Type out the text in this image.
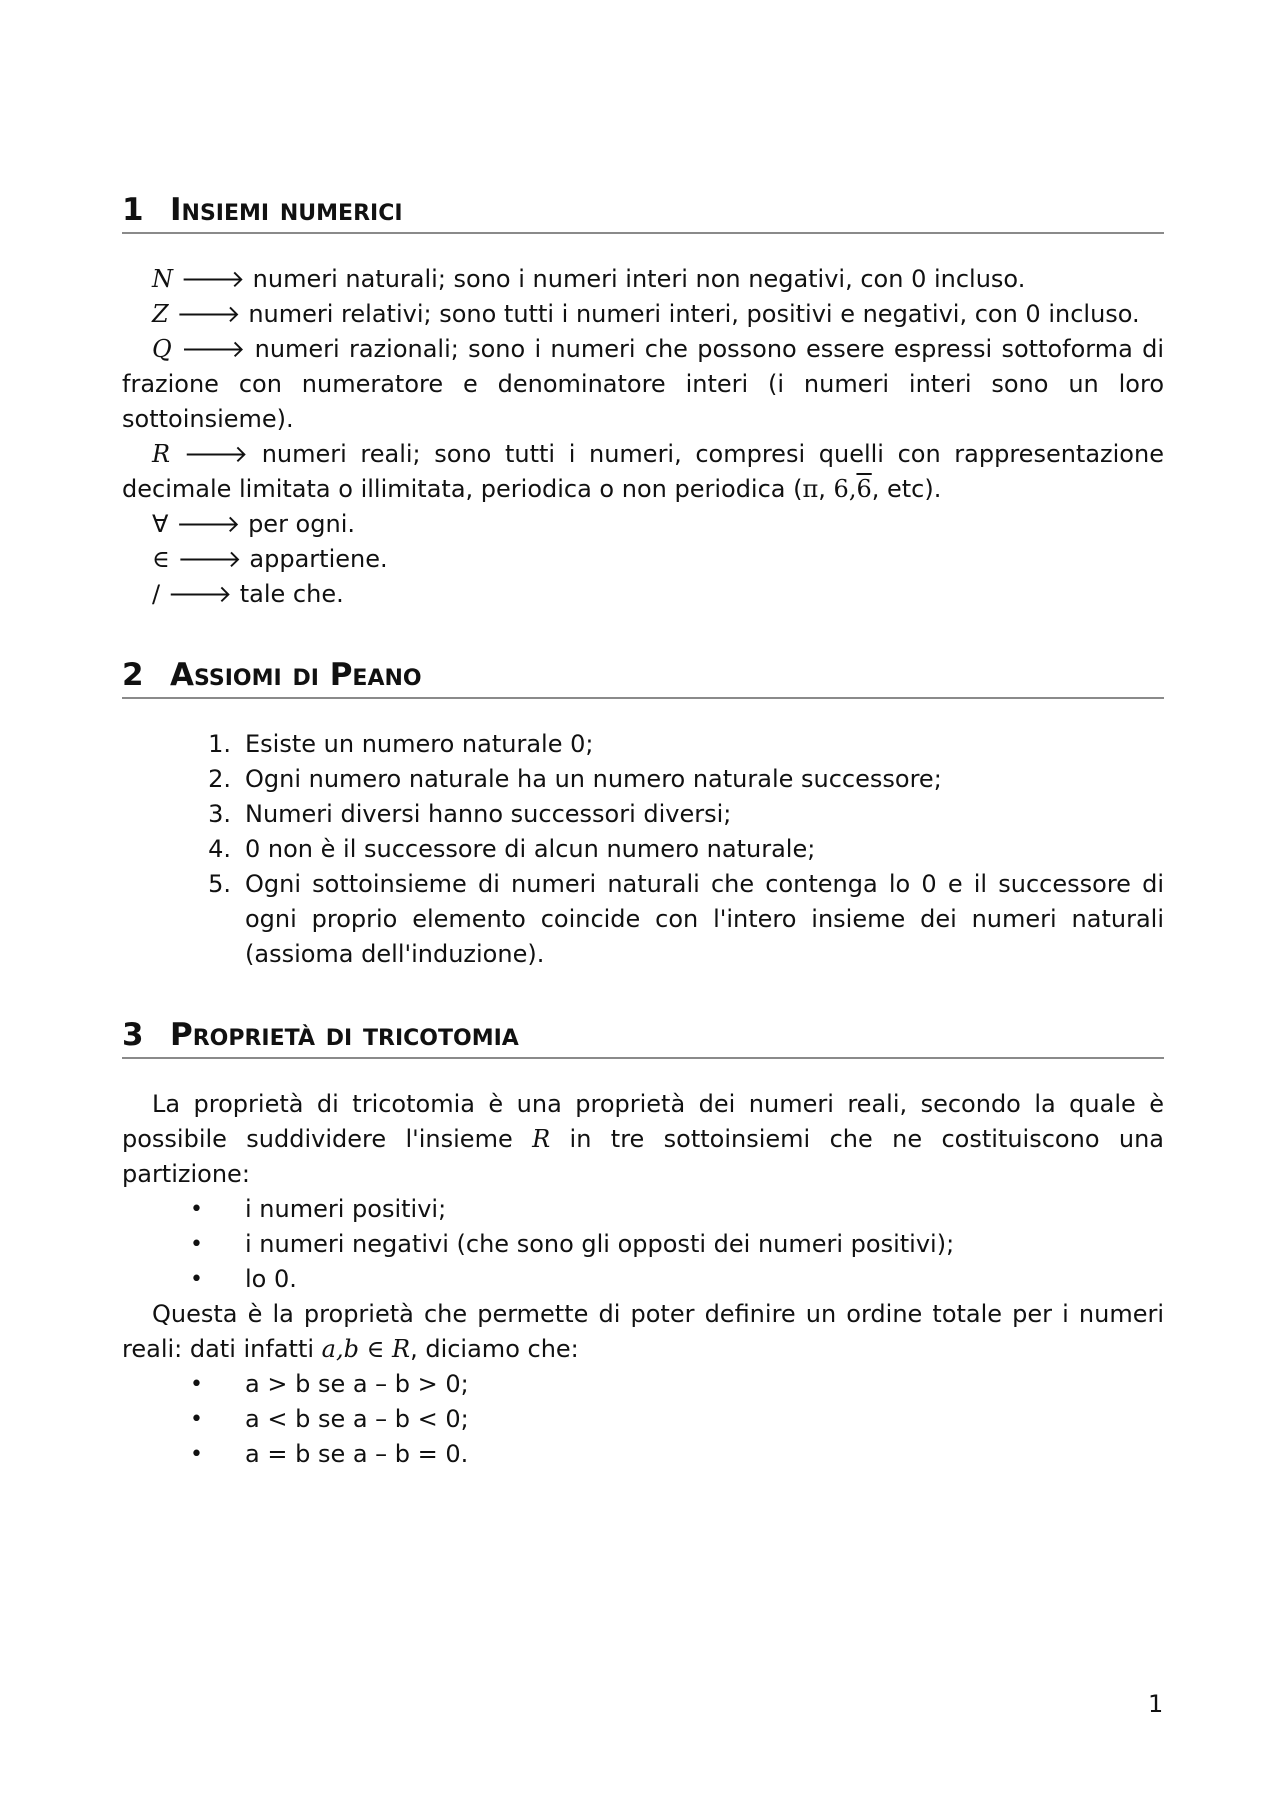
1 Insiemi numerici

N 🡒 numeri naturali; sono i numeri interi non negativi, con 0 incluso.

Z 🡒 numeri relativi; sono tutti i numeri interi, positivi e negativi, con 0 incluso.

Q 🡒 numeri razionali; sono i numeri che possono essere espressi sottoforma di frazione con numeratore e denominatore interi (i numeri interi sono un loro sottoinsieme).

R 🡒 numeri reali; sono tutti i numeri, compresi quelli con rappresentazione decimale limitata o illimitata, periodica o non periodica (π, 6,6, etc).

∀ 🡒 per ogni.

∈ 🡒 appartiene.

/ 🡒 tale che.

2 Assiomi di Peano
1. Esiste un numero naturale 0;
2. Ogni numero naturale ha un numero naturale successore;
3. Numeri diversi hanno successori diversi;
4. 0 non è il successore di alcun numero naturale;
5. Ogni sottoinsieme di numeri naturali che contenga lo 0 e il successore di ogni proprio elemento coincide con l'intero insieme dei numeri naturali (assioma dell'induzione).
3 Proprietà di tricotomia

La proprietà di tricotomia è una proprietà dei numeri reali, secondo la quale è possibile suddividere l'insieme R in tre sottoinsiemi che ne costituiscono una partizione:

•	i numeri positivi;
•	i numeri negativi (che sono gli opposti dei numeri positivi);
•	lo 0.

Questa è la proprietà che permette di poter definire un ordine totale per i numeri reali: dati infatti a,b ∈ R, diciamo che:

•	a > b se a – b > 0;
•	a < b se a – b < 0;
•	a = b se a – b = 0.
1
